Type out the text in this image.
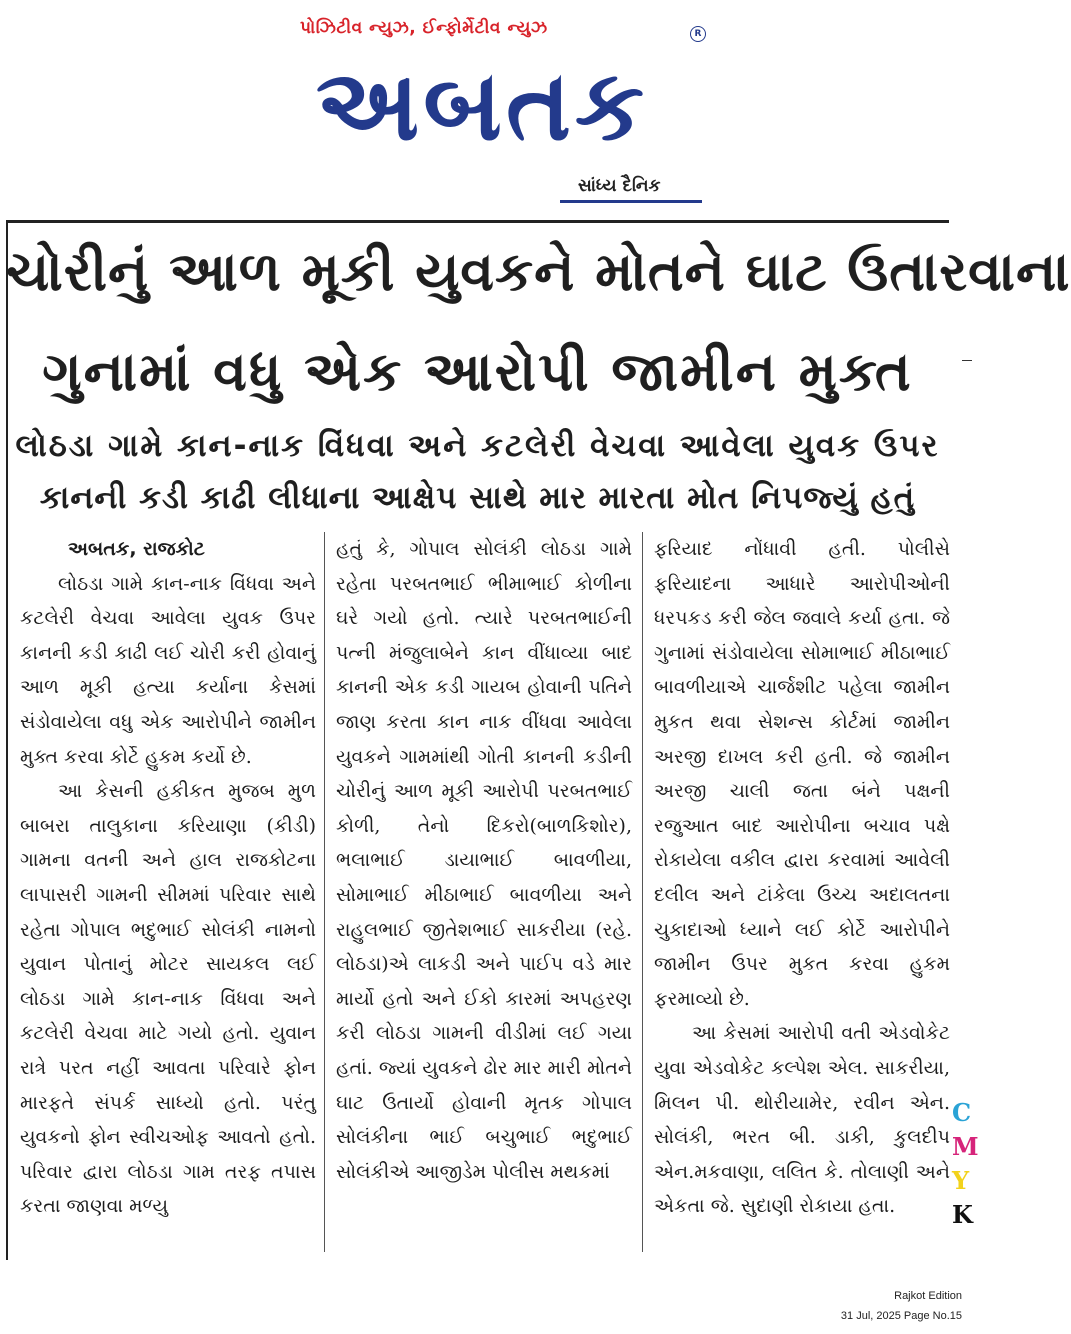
પોઝિટીવ ન્યુઝ, ઈન્ફોર્મેટીવ ન્યુઝ	R
અબતક
સાંધ્ય દૈનિક
ચોરીનું આળ મૂકી યુવકને મોતને ઘાટ ઉતારવાના
ગુનામાં વધુ એક આરોપી જામીન મુક્ત
લોઠડા ગામે કાન-નાક વિંધવા અને કટલેરી વેચવા આવેલા યુવક ઉપર
કાનની કડી કાઢી લીધાના આક્ષેપ સાથે માર મારતા મોત નિપજ્યું હતું
અબતક, રાજકોટ

લોઠડા ગામે કાન-નાક વિંધવા અને કટલેરી વેચવા આવેલા યુવક ઉપર કાનની કડી કાઢી લઈ ચોરી કરી હોવાનું આળ મૂકી હત્યા કર્યાના કેસમાં સંડોવાયેલા વધુ એક આરોપીને જામીન મુક્ત કરવા કોર્ટે હુકમ કર્યો છે.

આ કેસની હકીકત મુજબ મુળ બાબરા તાલુકાના કરિયાણા (કીડી) ગામના વતની અને હાલ રાજકોટના લાપાસરી ગામની સીમમાં પરિવાર સાથે રહેતા ગોપાલ ભદુભાઈ સોલંકી નામનો યુવાન પોતાનું મોટર સાયકલ લઈ લોઠડા ગામે કાન-નાક વિંધવા અને કટલેરી વેચવા માટે ગયો હતો. યુવાન રાત્રે પરત નહીં આવતા પરિવારે ફોન મારફતે સંપર્ક સાધ્યો હતો. પરંતુ યુવકનો ફોન સ્વીચઓફ આવતો હતો. પરિવાર દ્વારા લોઠડા ગામ તરફ તપાસ કરતા જાણવા મળ્યુ

હતું કે, ગોપાલ સોલંકી લોઠડા ગામે રહેતા પરબતભાઈ ભીમાભાઈ કોળીના ઘરે ગયો હતો. ત્યારે પરબતભાઈની પત્ની મંજુલાબેને કાન વીંધાવ્યા બાદ કાનની એક કડી ગાયબ હોવાની પતિને જાણ કરતા કાન નાક વીંધવા આવેલા યુવકને ગામમાંથી ગોતી કાનની કડીની ચોરીનું આળ મૂકી આરોપી પરબતભાઈ કોળી, તેનો દિકરો(બાળકિશોર), ભલાભાઈ ડાયાભાઈ બાવળીયા, સોમાભાઈ મીઠાભાઈ બાવળીયા અને રાહુલભાઈ જીતેશભાઈ સાકરીયા (રહે. લોઠડા)એ લાકડી અને પાઈપ વડે માર માર્યો હતો અને ઈકો કારમાં અપહરણ કરી લોઠડા ગામની વીડીમાં લઈ ગયા હતાં. જ્યાં યુવકને ઢોર માર મારી મોતને ઘાટ ઉતાર્યો હોવાની મૃતક ગોપાલ સોલંકીના ભાઈ બચુભાઈ ભદુભાઈ સોલંકીએ આજીડેમ પોલીસ મથકમાં

ફરિયાદ નોંધાવી હતી. પોલીસે ફરિયાદના આધારે આરોપીઓની ધરપકડ કરી જેલ જવાલે કર્યા હતા. જે ગુનામાં સંડોવાયેલા સોમાભાઈ મીઠાભાઈ બાવળીયાએ ચાર્જશીટ પહેલા જામીન મુકત થવા સેશન્સ કોર્ટમાં જામીન અરજી દાખલ કરી હતી. જે જામીન અરજી ચાલી જતા બંને પક્ષની રજુઆત બાદ આરોપીના બચાવ પક્ષે રોકાયેલા વકીલ દ્વારા કરવામાં આવેલી દલીલ અને ટાંકેલા ઉચ્ચ અદાલતના ચુકાદાઓ ધ્યાને લઈ કોર્ટે આરોપીને જામીન ઉપર મુકત કરવા હુકમ ફરમાવ્યો છે.

આ કેસમાં આરોપી વતી એડવોકેટ યુવા એડવોકેટ કલ્પેશ એલ. સાકરીયા, મિલન પી. થોરીયામેર, રવીન એન. સોલંકી, ભરત બી. ડાકી, કુલદીપ એન.મકવાણા, લલિત કે. તોલાણી અને એકતા જે. સુદાણી રોકાયા હતા.

C
M
Y
K
Rajkot Edition
31 Jul, 2025 Page No.15
